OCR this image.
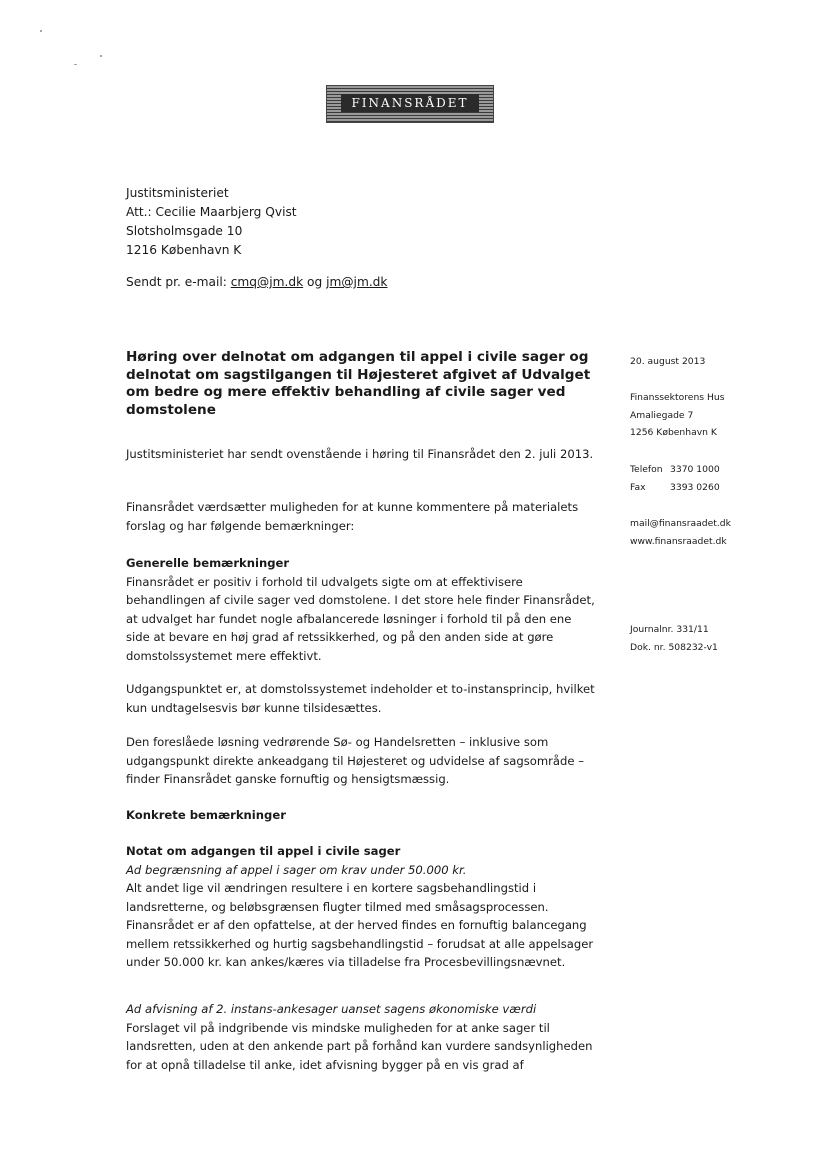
FINANSRÅDET
Justitsministeriet
Att.: Cecilie Maarbjerg Qvist
Slotsholmsgade 10
1216 København K
Sendt pr. e-mail: cmq@jm.dk og jm@jm.dk
Høring over delnotat om adgangen til appel i civile sager og delnotat om sagstilgangen til Højesteret afgivet af Udvalget om bedre og mere effektiv behandling af civile sager ved domstolene
20. august 2013
Finanssektorens Hus
Amaliegade 7
1256 København K
Telefon 3370 1000
Fax	3393 0260
mail@finansraadet.dk
www.finansraadet.dk
Journalnr. 331/11
Dok. nr. 508232-v1

Justitsministeriet har sendt ovenstående i høring til Finansrådet den 2. juli 2013.

Finansrådet værdsætter muligheden for at kunne kommentere på materialets forslag og har følgende bemærkninger:

Generelle bemærkninger

Finansrådet er positiv i forhold til udvalgets sigte om at effektivisere behandlingen af civile sager ved domstolene. I det store hele finder Finansrådet, at udvalget har fundet nogle afbalancerede løsninger i forhold til på den ene side at bevare en høj grad af retssikkerhed, og på den anden side at gøre domstolssystemet mere effektivt.

Udgangspunktet er, at domstolssystemet indeholder et to-instansprincip, hvilket kun undtagelsesvis bør kunne tilsidesættes.

Den foreslåede løsning vedrørende Sø- og Handelsretten – inklusive som udgangspunkt direkte ankeadgang til Højesteret og udvidelse af sagsområde – finder Finansrådet ganske fornuftig og hensigtsmæssig.

Konkrete bemærkninger

Notat om adgangen til appel i civile sager

Ad begrænsning af appel i sager om krav under 50.000 kr.

Alt andet lige vil ændringen resultere i en kortere sagsbehandlingstid i landsretterne, og beløbsgrænsen flugter tilmed med småsagsprocessen. Finansrådet er af den opfattelse, at der herved findes en fornuftig balancegang mellem retssikkerhed og hurtig sagsbehandlingstid – forudsat at alle appelsager under 50.000 kr. kan ankes/kæres via tilladelse fra Procesbevillingsnævnet.

Ad afvisning af 2. instans-ankesager uanset sagens økonomiske værdi

Forslaget vil på indgribende vis mindske muligheden for at anke sager til landsretten, uden at den ankende part på forhånd kan vurdere sandsynligheden for at opnå tilladelse til anke, idet afvisning bygger på en vis grad af
